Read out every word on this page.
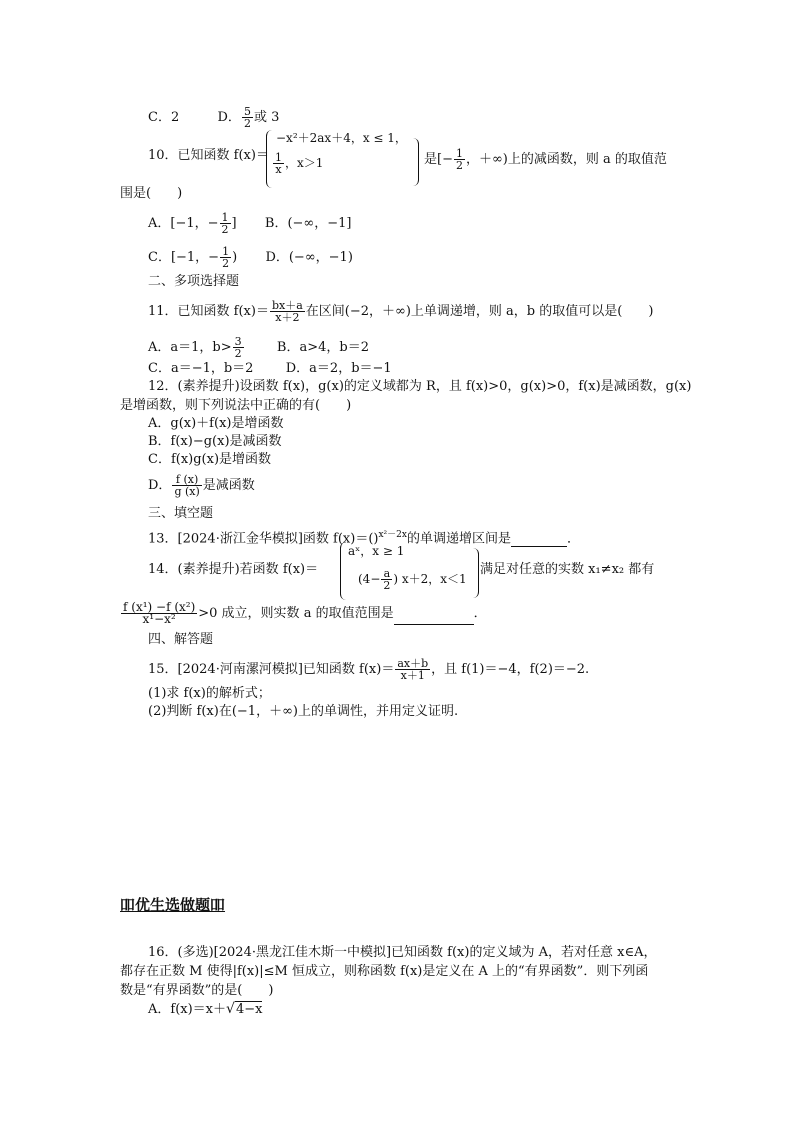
C．2	D． $\frac{5}{2}$ 或 3
10．已知函数 f(x)＝
−x²＋2ax＋4，x ≤ 1，
$\frac{1}{x}$ ，x＞1	是[− $\frac{1}{2}$ ，＋∞)上的减函数，则 a 的取值范
围是(　　)
A．[−1，− $\frac{1}{2}$ ] B．(−∞，−1]
C．[−1，− $\frac{1}{2}$ ) D．(−∞，−1)
二、多项选择题
11．已知函数 $f(x)= \frac{bx+a}{x+2}$ 在区间(−2，＋∞)上单调递增，则 a，b 的取值可以是(　　)
A．a＝1，$b> \frac{3}{2}$	B．a>4，b＝2
C．a＝−1，b＝2 D．a＝2，b＝−1
12．(素养提升)设函数 f(x)，g(x)的定义域都为 R，且 f(x)>0，g(x)>0，f(x)是减函数，g(x)
是增函数，则下列说法中正确的有(　　)
A．g(x)＋f(x)是增函数
B．f(x)−g(x)是减函数
C．f(x)g(x)是增函数
D． $\frac{f (x)}{g (x)}$ 是减函数
三、填空题
13．[2024·浙江金华模拟]函数 f(x)＝()$^{x^2-2x}$的单调递增区间是	．
14．(素养提升)若函数 f(x)＝
aˣ，x ≥ 1
($4- \frac{a}{2}$ ) x＋2，x＜1
满足对任意的实数 x₁≠x₂ 都有
$\frac{\text{f (x¹) −f (x²)}}{\text{x¹−x²}} >0$ 成立，则实数 a 的取值范围是	．
四、解答题
15．[2024·河南漯河模拟]已知函数 $f(x)= \frac{ax+b}{x+1}$ ，且 f(1)＝−4，f(2)＝−2.
(1)求 f(x)的解析式；
(2)判断 f(x)在(−1，＋∞)上的单调性，并用定义证明.
吅优生选做题吅
16．(多选)[2024·黑龙江佳木斯一中模拟]已知函数 f(x)的定义域为 A，若对任意 x∈A，
都存在正数 M 使得|f(x)|≤M 恒成立，则称函数 f(x)是定义在 A 上的“有界函数”．则下列函
数是“有界函数”的是(　　)
A．f(x)＝x＋√4−x
